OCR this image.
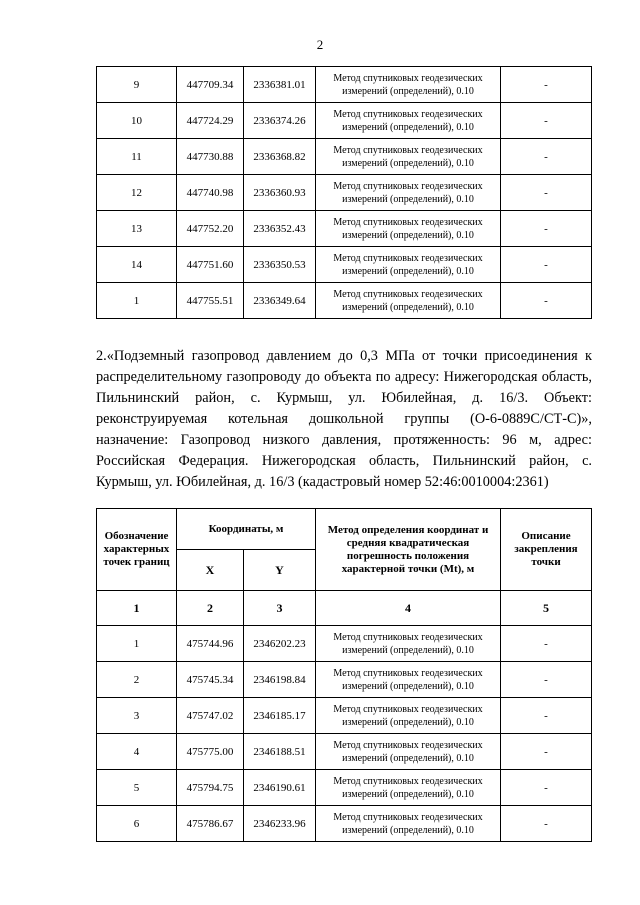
2
9	447709.34	2336381.01	Метод спутниковых геодезических измерений (определений), 0.10	-
10	447724.29	2336374.26	Метод спутниковых геодезических измерений (определений), 0.10	-
11	447730.88	2336368.82	Метод спутниковых геодезических измерений (определений), 0.10	-
12	447740.98	2336360.93	Метод спутниковых геодезических измерений (определений), 0.10	-
13	447752.20	2336352.43	Метод спутниковых геодезических измерений (определений), 0.10	-
14	447751.60	2336350.53	Метод спутниковых геодезических измерений (определений), 0.10	-
1	447755.51	2336349.64	Метод спутниковых геодезических измерений (определений), 0.10	-
2.«Подземный газопровод давлением до 0,3 МПа от точки присоединения к распределительному газопроводу до объекта по адресу: Нижегородская область, Пильнинский район, с. Курмыш, ул. Юбилейная, д. 16/3. Объект: реконструируемая котельная дошкольной группы (О-6-0889С/СТ-С)», назначение: Газопровод низкого давления, протяженность: 96 м, адрес: Российская Федерация. Нижегородская область, Пильнинский район, с. Курмыш, ул. Юбилейная, д. 16/3 (кадастровый номер 52:46:0010004:2361)
Обозначение характерных точек границ	Координаты, м		Метод определения координат и средняя квадратическая погрешность положения характерной точки (Mt), м	Описание закрепления точки
	X	Y		
1	2	3	4	5
1	475744.96	2346202.23	Метод спутниковых геодезических измерений (определений), 0.10	-
2	475745.34	2346198.84	Метод спутниковых геодезических измерений (определений), 0.10	-
3	475747.02	2346185.17	Метод спутниковых геодезических измерений (определений), 0.10	-
4	475775.00	2346188.51	Метод спутниковых геодезических измерений (определений), 0.10	-
5	475794.75	2346190.61	Метод спутниковых геодезических измерений (определений), 0.10	-
6	475786.67	2346233.96	Метод спутниковых геодезических измерений (определений), 0.10	-
